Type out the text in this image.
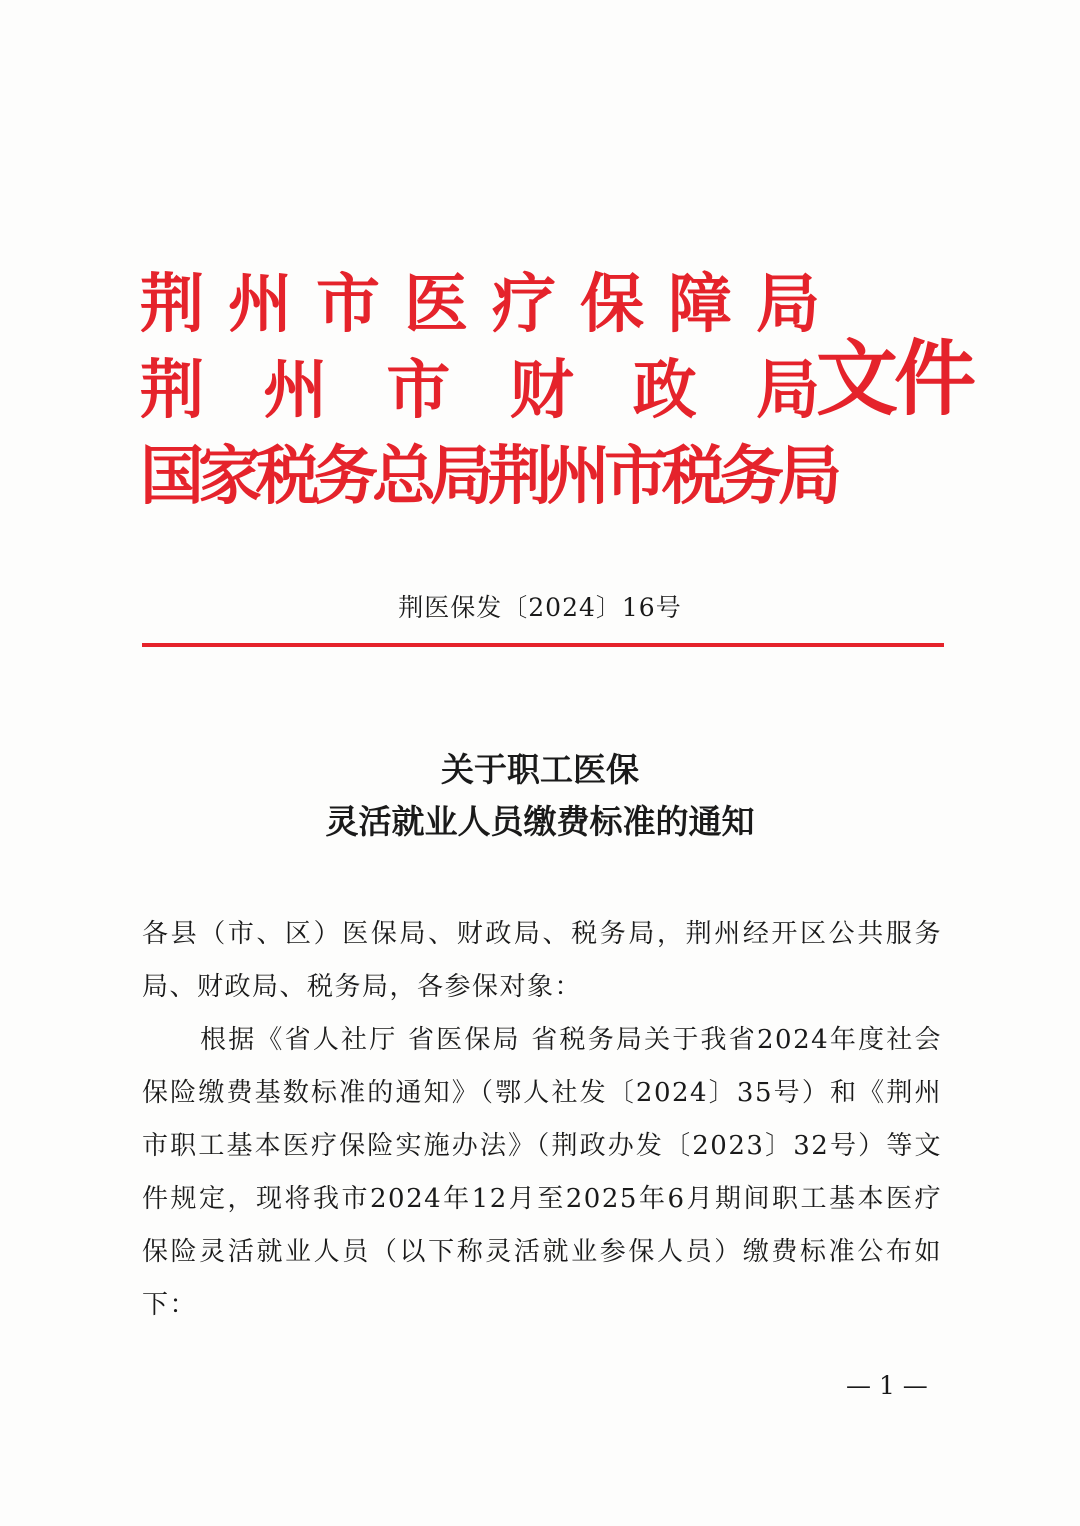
荆 州 市 医 疗 保 障 局
荆 州 市 财 政 局
国家税务总局荆州市税务局
文件
荆医保发〔2024〕16号
关于职工医保
灵活就业人员缴费标准的通知

各县（市、区）医保局、财政局、税务局，荆州经开区公共服务局、财政局、税务局，各参保对象：

根据《省人社厅 省医保局 省税务局关于我省2024年度社会保险缴费基数标准的通知》（鄂人社发〔2024〕35号）和《荆州市职工基本医疗保险实施办法》（荆政办发〔2023〕32号）等文件规定，现将我市2024年12月至2025年6月期间职工基本医疗保险灵活就业人员（以下称灵活就业参保人员）缴费标准公布如下：

— 1 —
